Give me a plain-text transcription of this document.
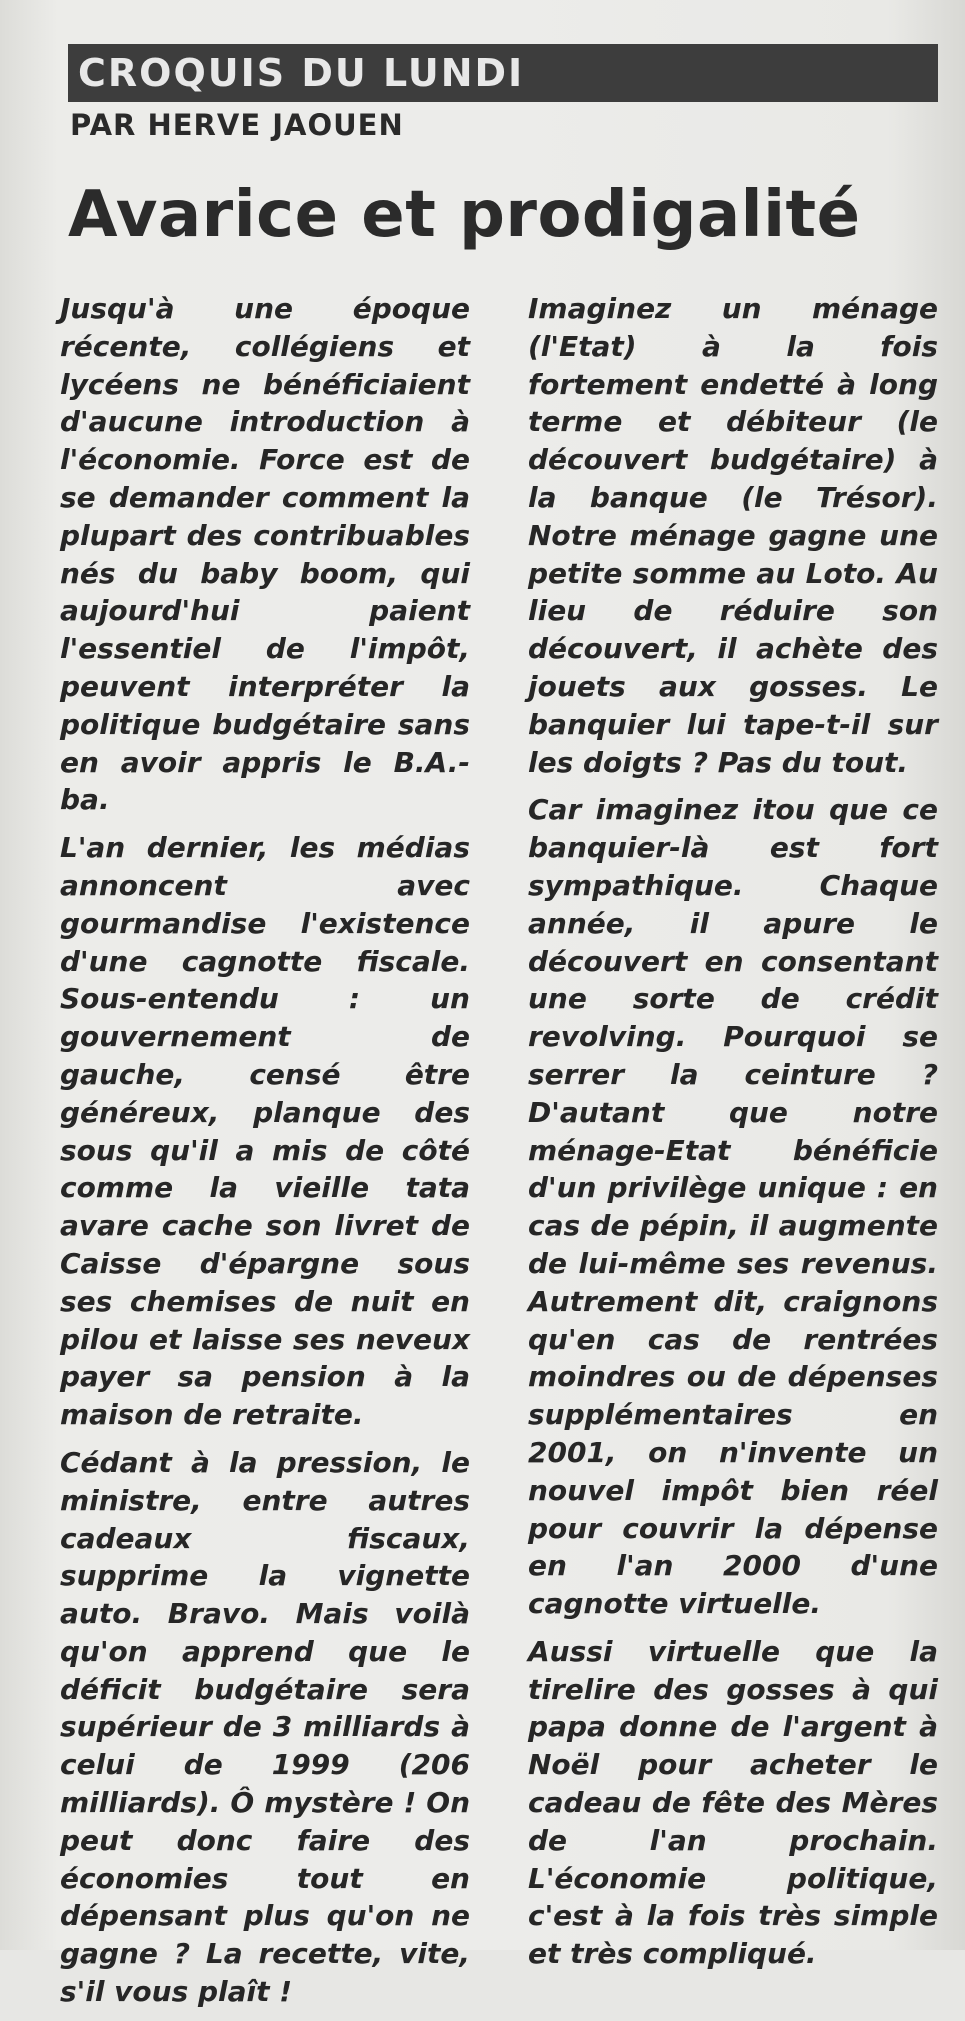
CROQUIS DU LUNDI
PAR HERVE JAOUEN
Avarice et prodigalité

Jusqu'à une époque récente, collégiens et lycéens ne bénéficiaient d'aucune introduction à l'économie. Force est de se demander comment la plupart des contribuables nés du baby boom, qui aujourd'hui paient l'essentiel de l'impôt, peuvent interpréter la politique budgétaire sans en avoir appris le B.A.-ba.

L'an dernier, les médias annoncent avec gourmandise l'existence d'une cagnotte fiscale. Sous-entendu : un gouvernement de gauche, censé être généreux, planque des sous qu'il a mis de côté comme la vieille tata avare cache son livret de Caisse d'épargne sous ses chemises de nuit en pilou et laisse ses neveux payer sa pension à la maison de retraite.

Cédant à la pression, le ministre, entre autres cadeaux fiscaux, supprime la vignette auto. Bravo. Mais voilà qu'on apprend que le déficit budgétaire sera supérieur de 3 milliards à celui de 1999 (206 milliards). Ô mystère ! On peut donc faire des économies tout en dépensant plus qu'on ne gagne ? La recette, vite, s'il vous plaît !

Imaginez un ménage (l'Etat) à la fois fortement endetté à long terme et débiteur (le découvert budgétaire) à la banque (le Trésor). Notre ménage gagne une petite somme au Loto. Au lieu de réduire son découvert, il achète des jouets aux gosses. Le banquier lui tape-t-il sur les doigts ? Pas du tout.

Car imaginez itou que ce banquier-là est fort sympathique. Chaque année, il apure le découvert en consentant une sorte de crédit revolving. Pourquoi se serrer la ceinture ? D'autant que notre ménage-Etat bénéficie d'un privilège unique : en cas de pépin, il augmente de lui-même ses revenus. Autrement dit, craignons qu'en cas de rentrées moindres ou de dépenses supplémentaires en 2001, on n'invente un nouvel impôt bien réel pour couvrir la dépense en l'an 2000 d'une cagnotte virtuelle.

Aussi virtuelle que la tirelire des gosses à qui papa donne de l'argent à Noël pour acheter le cadeau de fête des Mères de l'an prochain. L'économie politique, c'est à la fois très simple et très compliqué.
